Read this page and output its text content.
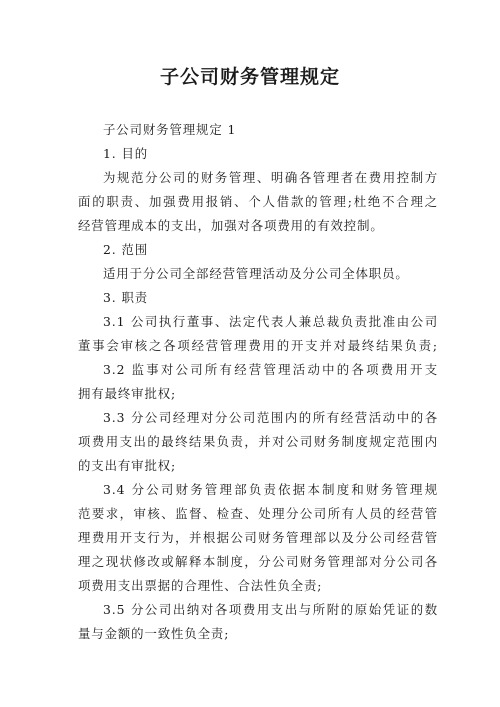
子公司财务管理规定
子公司财务管理规定 1
1. 目的
为规范分公司的财务管理、明确各管理者在费用控制方
面的职责、加强费用报销、个人借款的管理;杜绝不合理之
经营管理成本的支出，加强对各项费用的有效控制。
2. 范围
适用于分公司全部经营管理活动及分公司全体职员。
3. 职责
3.1 公司执行董事、法定代表人兼总裁负责批准由公司
董事会审核之各项经营管理费用的开支并对最终结果负责;
3.2 监事对公司所有经营管理活动中的各项费用开支
拥有最终审批权;
3.3 分公司经理对分公司范围内的所有经营活动中的各
项费用支出的最终结果负责，并对公司财务制度规定范围内
的支出有审批权;
3.4 分公司财务管理部负责依据本制度和财务管理规
范要求，审核、监督、检查、处理分公司所有人员的经营管
理费用开支行为，并根据公司财务管理部以及分公司经营管
理之现状修改或解释本制度，分公司财务管理部对分公司各
项费用支出票据的合理性、合法性负全责;
3.5 分公司出纳对各项费用支出与所附的原始凭证的数
量与金额的一致性负全责;
